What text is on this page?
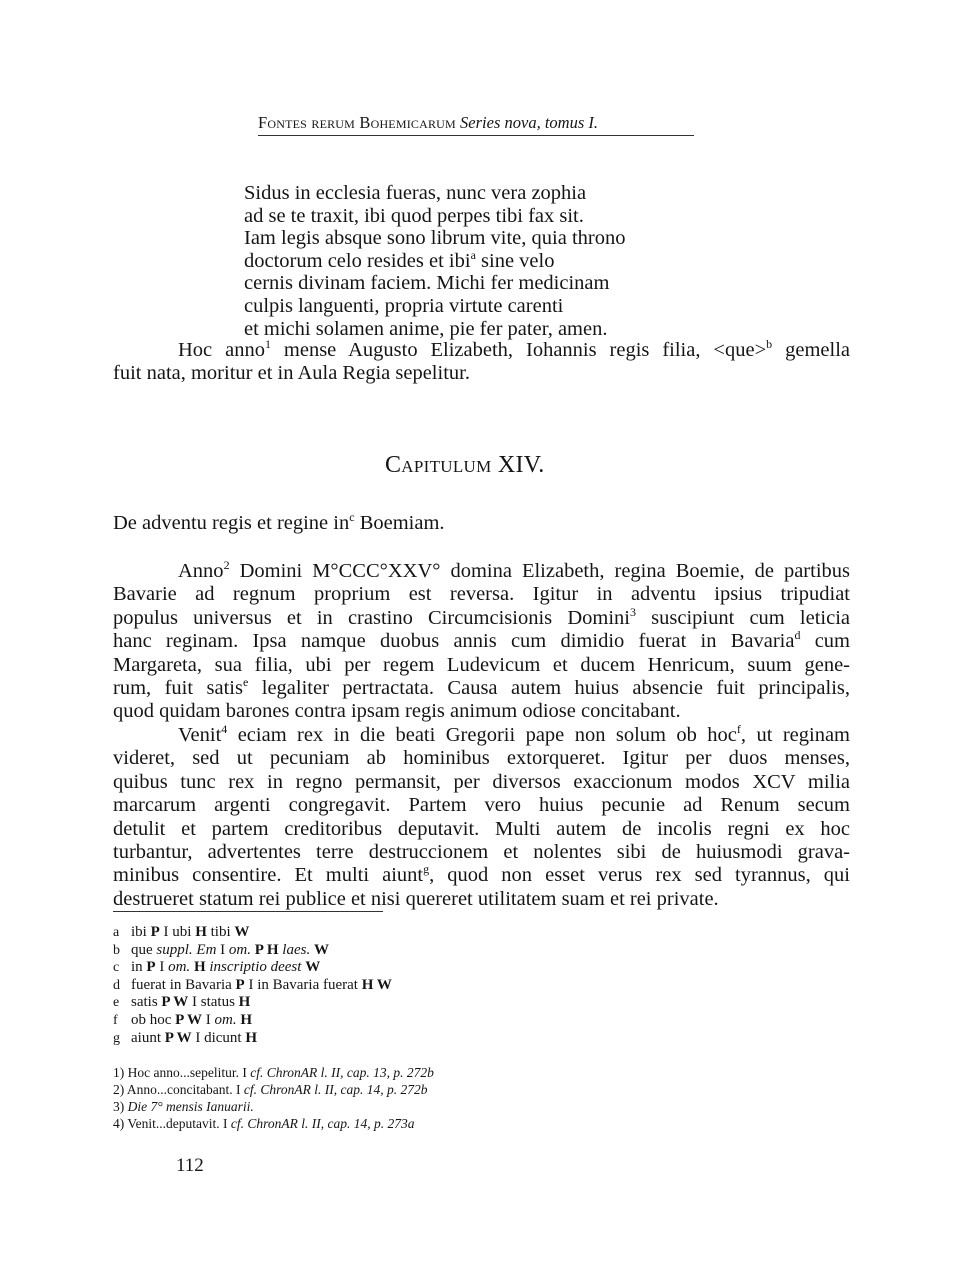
Fontes rerum Bohemicarum Series nova, tomus I.
Sidus in ecclesia fueras, nunc vera zophia
ad se te traxit, ibi quod perpes tibi fax sit.
Iam legis absque sono librum vite, quia throno
doctorum celo resides et ibi$^a$ sine velo
cernis divinam faciem. Michi fer medicinam
culpis languenti, propria virtute carenti
et michi solamen anime, pie fer pater, amen.
Hoc anno$^1$ mense Augusto Elizabeth, Iohannis regis filia, <que>$^b$ gemella
fuit nata, moritur et in Aula Regia sepelitur.
Capitulum XIV.
De adventu regis et regine $in^c$ Boemiam.
Anno$^2$ Domini M°CCC°XXV° domina Elizabeth, regina Boemie, de partibus
Bavarie ad regnum proprium est reversa. Igitur in adventu ipsius tripudiat
populus universus et in crastino Circumcisionis Domini$^3$ suscipiunt cum leticia
hanc reginam. Ipsa namque duobus annis cum dimidio fuerat in Bavaria$^d$ cum
Margareta, sua filia, ubi per regem Ludevicum et ducem Henricum, suum gene-
rum, fuit satis$^e$ legaliter pertractata. Causa autem huius absencie fuit principalis,
quod quidam barones contra ipsam regis animum odiose concitabant.
Venit$^4$ eciam rex in die beati Gregorii pape non solum ob hoc$^f$, ut reginam
videret, sed ut pecuniam ab hominibus extorqueret. Igitur per duos menses,
quibus tunc rex in regno permansit, per diversos exaccionum modos XCV milia
marcarum argenti congregavit. Partem vero huius pecunie ad Renum secum
detulit et partem creditoribus deputavit. Multi autem de incolis regni ex hoc
turbantur, advertentes terre destruccionem et nolentes sibi de huiusmodi grava-
minibus consentire. Et multi aiunt$^g$, quod non esset verus rex sed tyrannus, qui
destrueret statum rei publice et nisi quereret utilitatem suam et rei private.
a ibi P I ubi H tibi W
b que suppl. Em I om. P H laes. W
c in P I om. H inscriptio deest W
d fuerat in Bavaria P I in Bavaria fuerat H W
e satis P W I status H
f ob hoc P W I om. H
g aiunt P W I dicunt H
1) Hoc anno...sepelitur. I cf. ChronAR l. II, cap. 13, p. 272b
2) Anno...concitabant. I cf. ChronAR l. II, cap. 14, p. 272b
3) Die 7° mensis Ianuarii.
4) Venit...deputavit. I cf. ChronAR l. II, cap. 14, p. 273a
112
